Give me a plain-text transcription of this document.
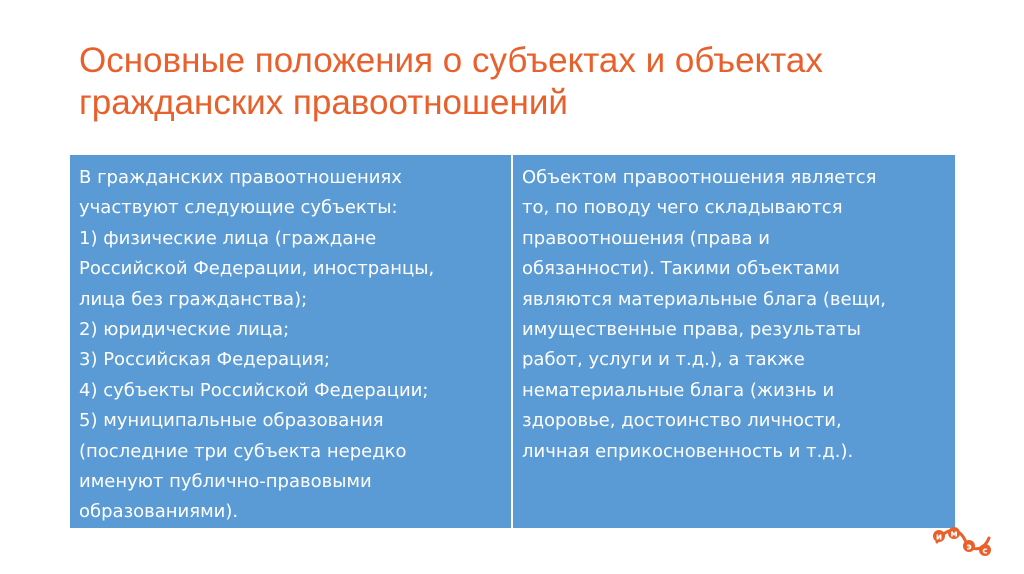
Основные положения о субъектах и объектах
гражданских правоотношений
В гражданских правоотношениях
участвуют следующие субъекты:
1) физические лица (граждане
Российской Федерации, иностранцы,
лица без гражданства);
2) юридические лица;
3) Российская Федерация;
4) субъекты Российской Федерации;
5) муниципальные образования
(последние три субъекта нередко
именуют публично-правовыми
образованиями).

Объектом правоотношения является
то, по поводу чего складываются
правоотношения (права и
обязанности). Такими объектами
являются материальные блага (вещи,
имущественные права, результаты
работ, услуги и т.д.), а также
нематериальные блага (жизнь и
здоровье, достоинство личности,
личная еприкосновенность и т.д.).
и м
э с
